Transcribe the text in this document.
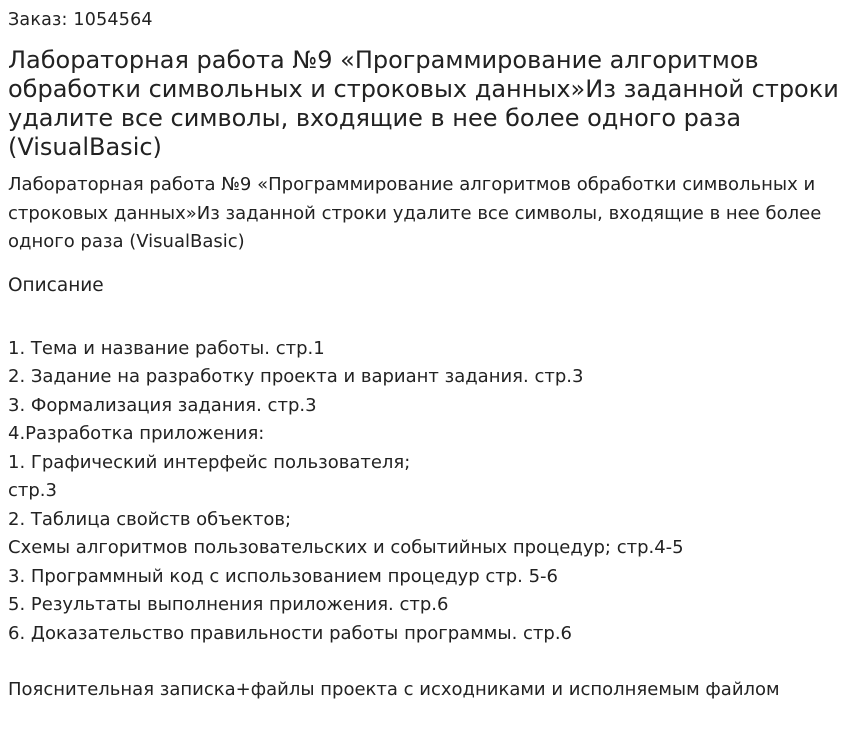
Заказ: 1054564

Лабораторная работа №9 «Программирование алгоритмов обработки символьных и строковых данных»Из заданной строки удалите все символы, входящие в нее более одного раза (VisualBasic)

Лабораторная работа №9 «Программирование алгоритмов обработки символьных и строковых данных»Из заданной строки удалите все символы, входящие в нее более одного раза (VisualBasic)

Описание
1. Тема и название работы. стр.1
2. Задание на разработку проекта и вариант задания. стр.3
3. Формализация задания. стр.3
4.Разработка приложения:
1. Графический интерфейс пользователя;
стр.3
2. Таблица свойств объектов;
Схемы алгоритмов пользовательских и событийных процедур; стр.4-5
3. Программный код с использованием процедур стр. 5-6
5. Результаты выполнения приложения. стр.6
6. Доказательство правильности работы программы. стр.6

Пояснительная записка+файлы проекта с исходниками и исполняемым файлом
